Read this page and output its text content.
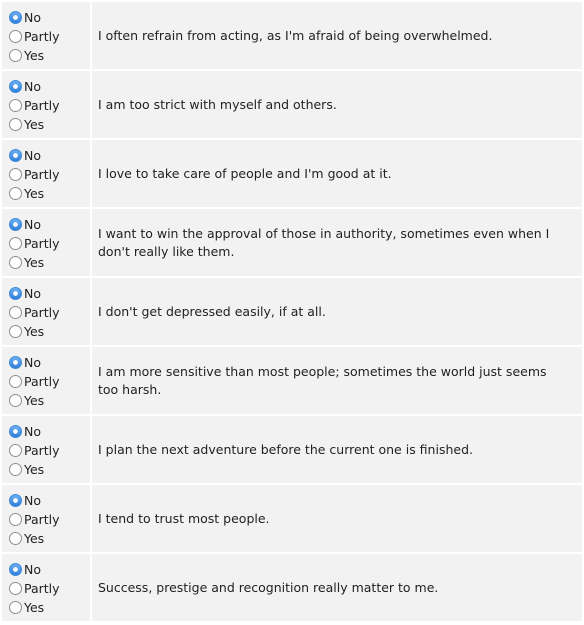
No
Partly
Yes
I often refrain from acting, as I'm afraid of being overwhelmed.
No
Partly
Yes
I am too strict with myself and others.
No
Partly
Yes
I love to take care of people and I'm good at it.
No
Partly
Yes
I want to win the approval of those in authority, sometimes even when I don't really like them.
No
Partly
Yes
I don't get depressed easily, if at all.
No
Partly
Yes
I am more sensitive than most people; sometimes the world just seems too harsh.
No
Partly
Yes
I plan the next adventure before the current one is finished.
No
Partly
Yes
I tend to trust most people.
No
Partly
Yes
Success, prestige and recognition really matter to me.
